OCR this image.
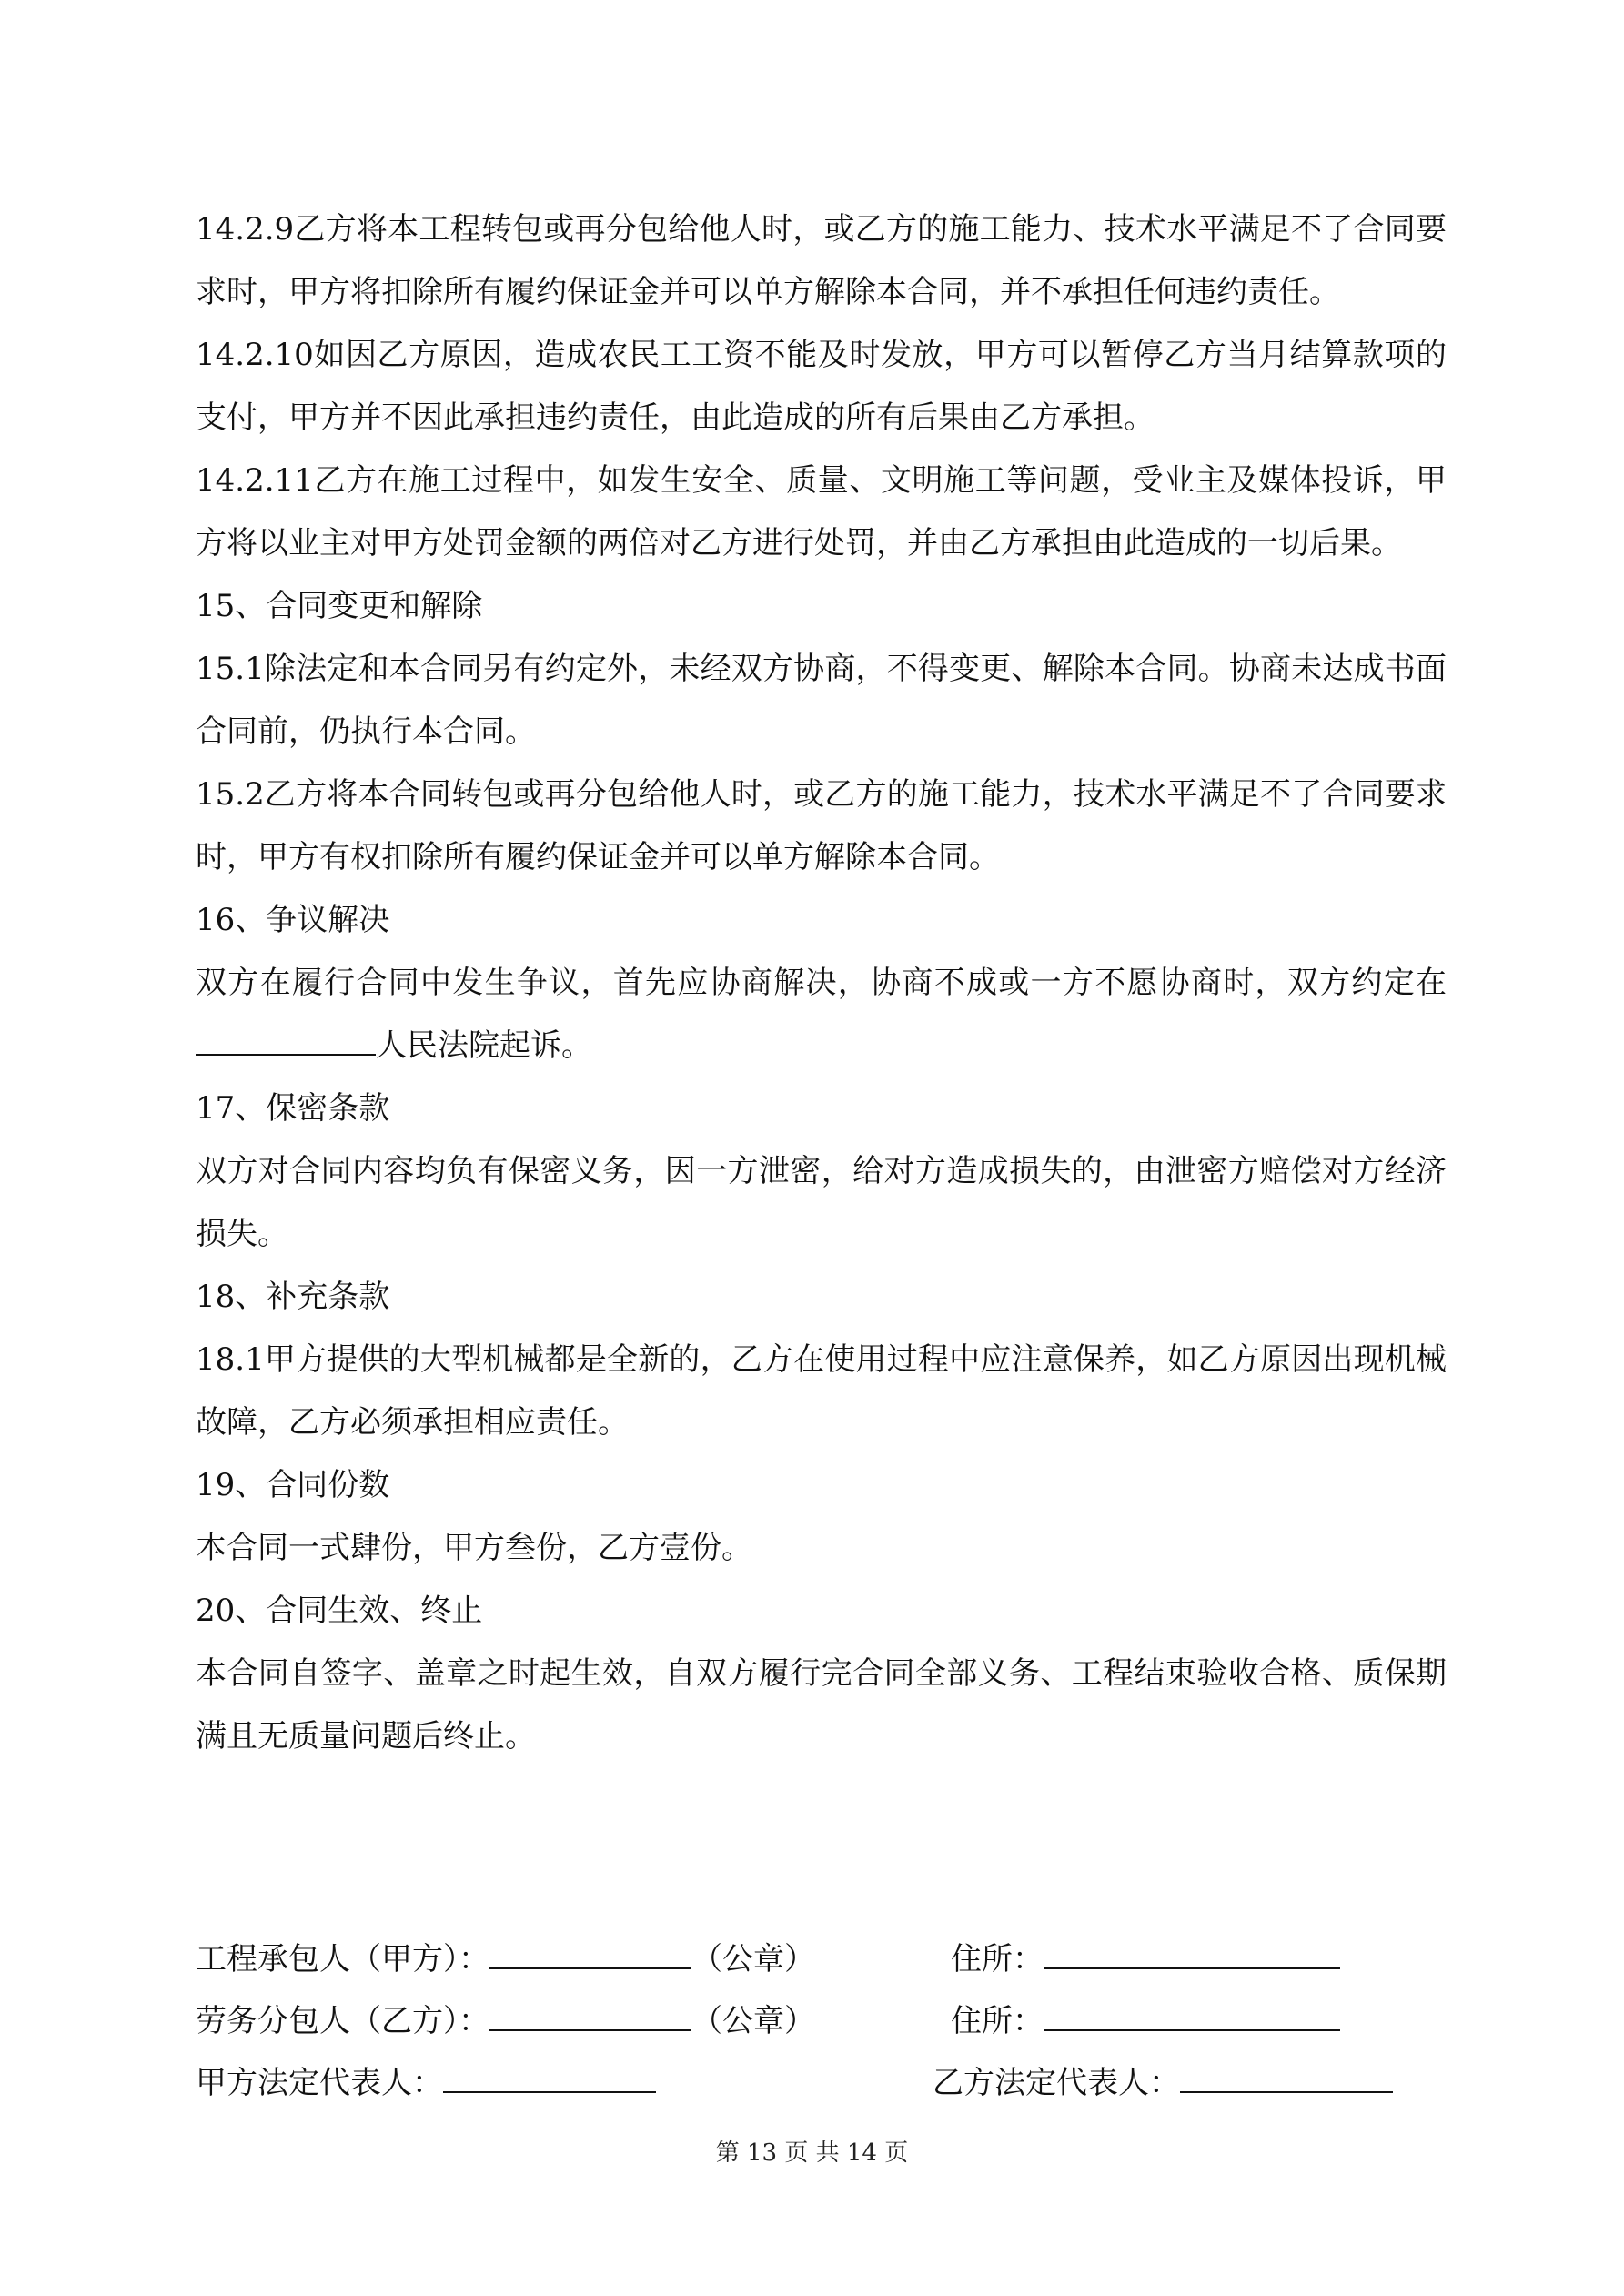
14.2.9乙方将本工程转包或再分包给他人时，或乙方的施工能力、技术水平满足不了合同要求时，甲方将扣除所有履约保证金并可以单方解除本合同，并不承担任何违约责任。

14.2.10如因乙方原因，造成农民工工资不能及时发放，甲方可以暂停乙方当月结算款项的支付，甲方并不因此承担违约责任，由此造成的所有后果由乙方承担。

14.2.11乙方在施工过程中，如发生安全、质量、文明施工等问题，受业主及媒体投诉，甲方将以业主对甲方处罚金额的两倍对乙方进行处罚，并由乙方承担由此造成的一切后果。

15、合同变更和解除

15.1除法定和本合同另有约定外，未经双方协商，不得变更、解除本合同。协商未达成书面合同前，仍执行本合同。

15.2乙方将本合同转包或再分包给他人时，或乙方的施工能力，技术水平满足不了合同要求时，甲方有权扣除所有履约保证金并可以单方解除本合同。

16、争议解决

双方在履行合同中发生争议，首先应协商解决，协商不成或一方不愿协商时，双方约定在人民法院起诉。

17、保密条款

双方对合同内容均负有保密义务，因一方泄密，给对方造成损失的，由泄密方赔偿对方经济损失。

18、补充条款

18.1甲方提供的大型机械都是全新的，乙方在使用过程中应注意保养，如乙方原因出现机械故障，乙方必须承担相应责任。

19、合同份数

本合同一式肆份，甲方叁份，乙方壹份。

20、合同生效、终止

本合同自签字、盖章之时起生效，自双方履行完合同全部义务、工程结束验收合格、质保期满且无质量问题后终止。

工程承包人（甲方）：	（公章）	住所：
劳务分包人（乙方）：	（公章）	住所：
甲方法定代表人：	乙方法定代表人：
第 13 页 共 14 页
